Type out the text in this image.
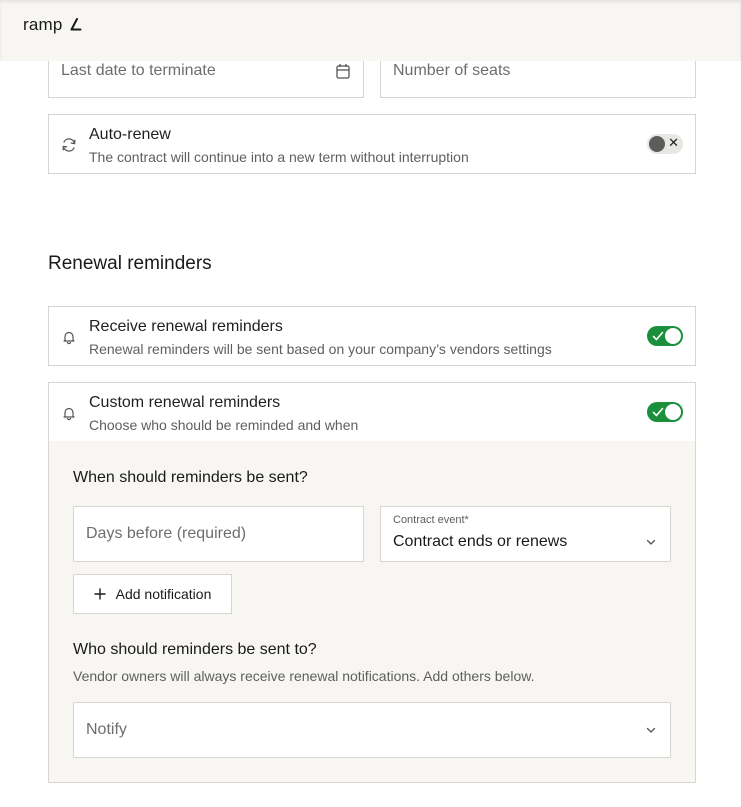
ramp
Last date to terminate	Number of seats
Auto-renew
The contract will continue into a new term without interruption
✕
Renewal reminders
Receive renewal reminders
Renewal reminders will be sent based on your company’s vendors settings
Custom renewal reminders
Choose who should be reminded and when
When should reminders be sent?
Days before (required)
Contract event*
Contract ends or renews
Add notification
Who should reminders be sent to?
Vendor owners will always receive renewal notifications. Add others below.
Notify
